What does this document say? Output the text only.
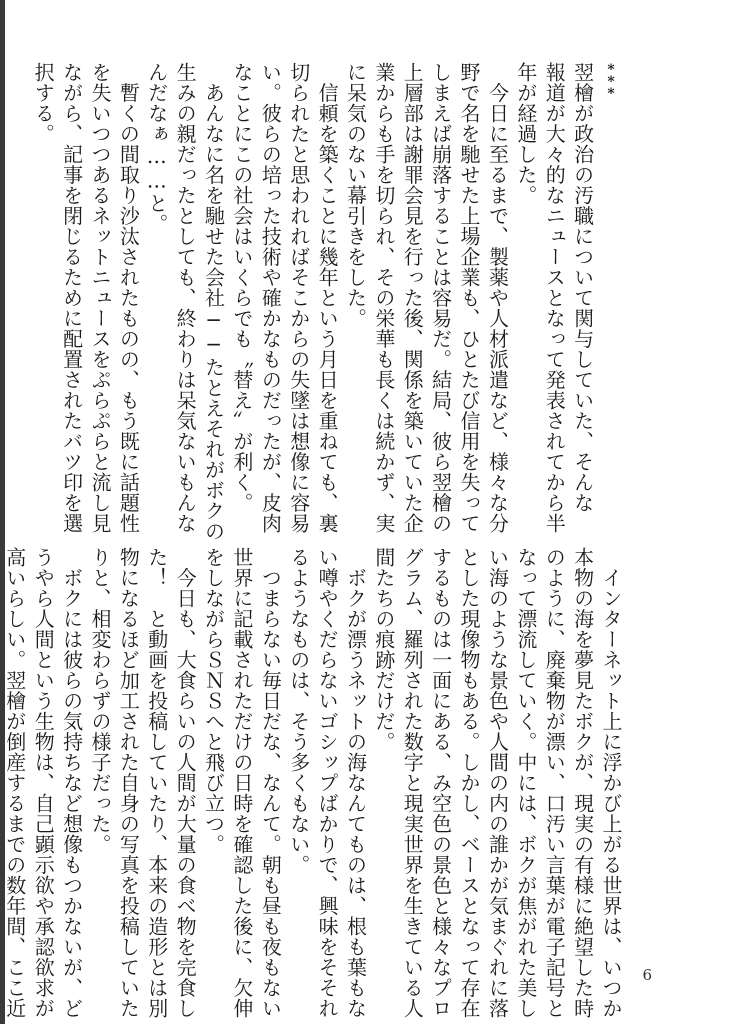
***
翌檜が政治の汚職について関与していた、そんな
報道が大々的なニュースとなって発表されてから半
年が経過した。
　今日に至るまで、製薬や人材派遣など、様々な分
野で名を馳せた上場企業も、ひとたび信用を失って
しまえば崩落することは容易だ。結局、彼ら翌檜の
上層部は謝罪会見を行った後、関係を築いていた企
業からも手を切られ、その栄華も長くは続かず、実
に呆気のない幕引きをした。
　信頼を築くことに幾年という月日を重ねても、裏
切られたと思われればそこからの失墜は想像に容易
い。彼らの培った技術や確かなものだったが、皮肉
なことにこの社会はいくらでも〝替え〟が利く。
　あんなに名を馳せた会社──たとえそれがボクの
生みの親だったとしても、終わりは呆気ないもんな
んだなぁ……と。
　暫くの間取り沙汰されたものの、もう既に話題性
を失いつつあるネットニュースをぷらぷらと流し見
ながら、記事を閉じるために配置されたバツ印を選
択する。
　インターネット上に浮かび上がる世界は、いつか
本物の海を夢見たボクが、現実の有様に絶望した時
のように、廃棄物が漂い、口汚い言葉が電子記号と
なって漂流していく。中には、ボクが焦がれた美し
い海のような景色や人間の内の誰かが気まぐれに落
とした現像物もある。しかし、ベースとなって存在
するものは一面にある、み空色の景色と様々なプロ
グラム、羅列された数字と現実世界を生きている人
間たちの痕跡だけだ。
　ボクが漂うネットの海なんてものは、根も葉もな
い噂やくだらないゴシップばかりで、興味をそそれ
るようなものは、そう多くもない。
　つまらない毎日だな、なんて。朝も昼も夜もない
世界に記載されただけの日時を確認した後に、欠伸
をしながらＳＮＳへと飛び立つ。
　今日も、大食らいの人間が大量の食べ物を完食し
た！　と動画を投稿していたり、本来の造形とは別
物になるほど加工された自身の写真を投稿していた
りと、相変わらずの様子だった。
　ボクには彼らの気持ちなど想像もつかないが、ど
うやら人間という生物は、自己顕示欲や承認欲求が
高いらしい。翌檜が倒産するまでの数年間、ここ近	6
